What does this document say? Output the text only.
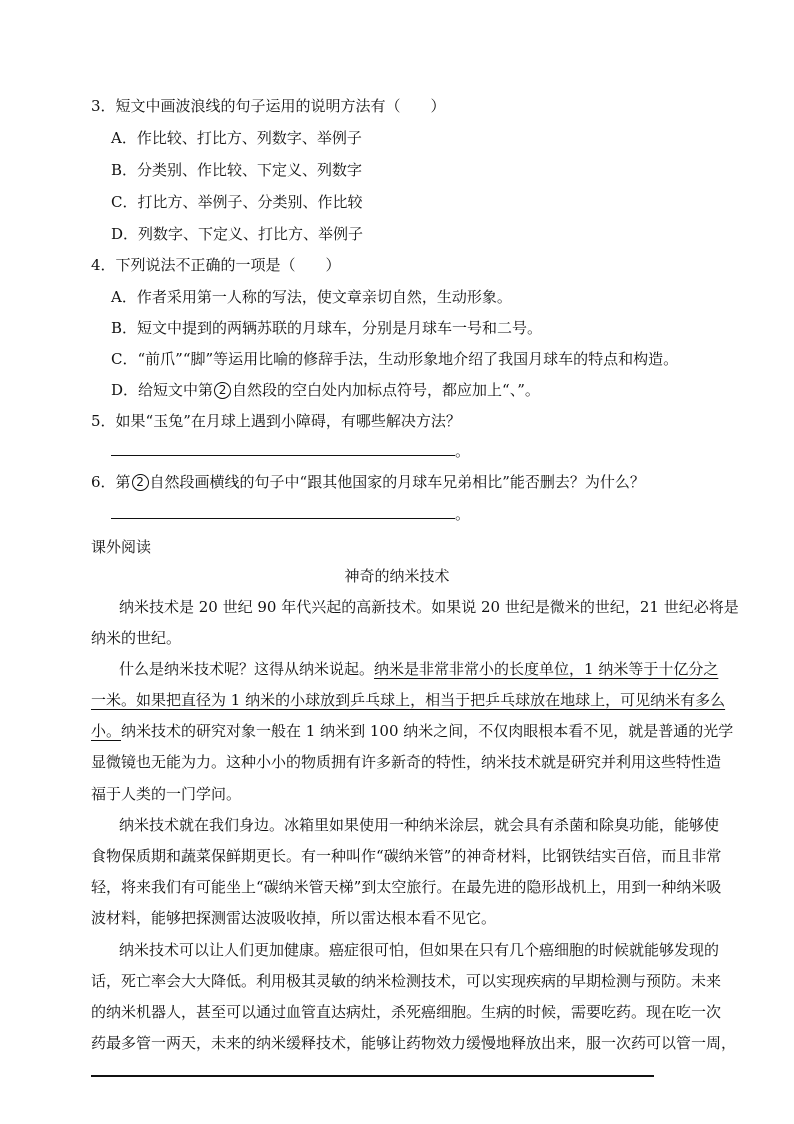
3．短文中画波浪线的句子运用的说明方法有（　　）
A．作比较、打比方、列数字、举例子
B．分类别、作比较、下定义、列数字
C．打比方、举例子、分类别、作比较
D．列数字、下定义、打比方、举例子
4．下列说法不正确的一项是（　　）
A．作者采用第一人称的写法，使文章亲切自然，生动形象。
B．短文中提到的两辆苏联的月球车，分别是月球车一号和二号。
C．“前爪”“脚”等运用比喻的修辞手法，生动形象地介绍了我国月球车的特点和构造。
D．给短文中第 2 自然段的空白处内加标点符号，都应加上“、”。
5．如果“玉兔”在月球上遇到小障碍，有哪些解决方法？
。
6．第 2 自然段画横线的句子中“跟其他国家的月球车兄弟相比”能否删去？为什么？
。
课外阅读
神奇的纳米技术
纳米技术是 20 世纪 90 年代兴起的高新技术。如果说 20 世纪是微米的世纪，21 世纪必将是
纳米的世纪。
什么是纳米技术呢？这得从纳米说起。纳米是非常非常小的长度单位，1 纳米等于十亿分之
一米。如果把直径为 1 纳米的小球放到乒乓球上，相当于把乒乓球放在地球上，可见纳米有多么
小。纳米技术的研究对象一般在 1 纳米到 100 纳米之间，不仅肉眼根本看不见，就是普通的光学
显微镜也无能为力。这种小小的物质拥有许多新奇的特性，纳米技术就是研究并利用这些特性造
福于人类的一门学问。
纳米技术就在我们身边。冰箱里如果使用一种纳米涂层，就会具有杀菌和除臭功能，能够使
食物保质期和蔬菜保鲜期更长。有一种叫作“碳纳米管”的神奇材料，比钢铁结实百倍，而且非常
轻，将来我们有可能坐上“碳纳米管天梯”到太空旅行。在最先进的隐形战机上，用到一种纳米吸
波材料，能够把探测雷达波吸收掉，所以雷达根本看不见它。
纳米技术可以让人们更加健康。癌症很可怕，但如果在只有几个癌细胞的时候就能够发现的
话，死亡率会大大降低。利用极其灵敏的纳米检测技术，可以实现疾病的早期检测与预防。未来
的纳米机器人，甚至可以通过血管直达病灶，杀死癌细胞。生病的时候，需要吃药。现在吃一次
药最多管一两天，未来的纳米缓释技术，能够让药物效力缓慢地释放出来，服一次药可以管一周，
